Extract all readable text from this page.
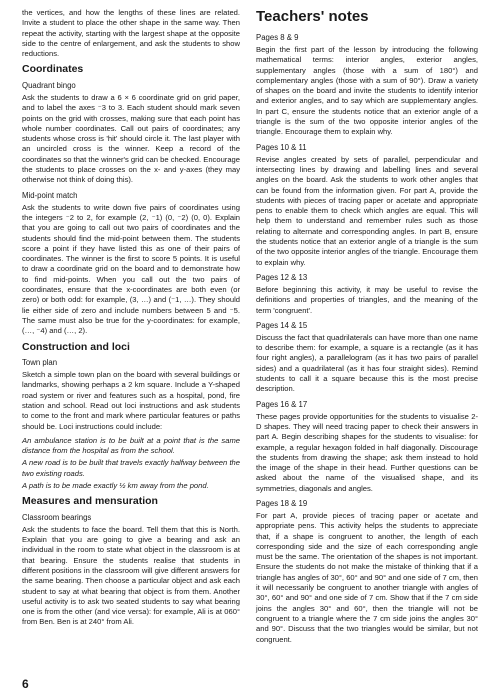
the vertices, and how the lengths of these lines are related. Invite a student to place the other shape in the same way. Then repeat the activity, starting with the largest shape at the opposite side to the centre of enlargement, and ask the students to show reductions.

Coordinates
Quadrant bingo

Ask the students to draw a 6 × 6 coordinate grid on grid paper, and to label the axes ⁻3 to 3. Each student should mark seven points on the grid with crosses, making sure that each point has whole number coordinates. Call out pairs of coordinates; any students whose cross is 'hit' should circle it. The last player with an uncircled cross is the winner. Keep a record of the coordinates so that the winner's grid can be checked. Encourage the students to place crosses on the x- and y-axes (they may otherwise not think of doing this).

Mid-point match

Ask the students to write down five pairs of coordinates using the integers ⁻2 to 2, for example (2, ⁻1) (0, ⁻2) (0, 0). Explain that you are going to call out two pairs of coordinates and the students should find the mid-point between them. The students score a point if they have listed this as one of their pairs of coordinates. The winner is the first to score 5 points. It is useful to draw a coordinate grid on the board and to demonstrate how to find mid-points. When you call out the two pairs of coordinates, ensure that the x-coordinates are both even (or zero) or both odd: for example, (3, …) and (⁻1, …). They should lie either side of zero and include numbers between 5 and ⁻5. The same must also be true for the y-coordinates: for example, (…, ⁻4) and (…, 2).

Construction and loci
Town plan

Sketch a simple town plan on the board with several buildings or landmarks, showing perhaps a 2 km square. Include a Y-shaped road system or river and features such as a hospital, pond, fire station and school. Read out loci instructions and ask students to come to the front and mark where particular features or paths should be. Loci instructions could include:

An ambulance station is to be built at a point that is the same distance from the hospital as from the school.

A new road is to be built that travels exactly halfway between the two existing roads.

A path is to be made exactly ½ km away from the pond.

Measures and mensuration
Classroom bearings

Ask the students to face the board. Tell them that this is North. Explain that you are going to give a bearing and ask an individual in the room to state what object in the classroom is at that bearing. Ensure the students realise that students in different positions in the classroom will give different answers for the same bearing. Then choose a particular object and ask each student to say at what bearing that object is from them. Another useful activity is to ask two seated students to say what bearing one is from the other (and vice versa): for example, Ali is at 060° from Ben. Ben is at 240° from Ali.

Teachers' notes
Pages 8 & 9

Begin the first part of the lesson by introducing the following mathematical terms: interior angles, exterior angles, supplementary angles (those with a sum of 180°) and complementary angles (those with a sum of 90°). Draw a variety of shapes on the board and invite the students to identify interior and exterior angles, and to say which are supplementary angles. In part C, ensure the students notice that an exterior angle of a triangle is the sum of the two opposite interior angles of the triangle. Encourage them to explain why.

Pages 10 & 11

Revise angles created by sets of parallel, perpendicular and intersecting lines by drawing and labelling lines and several angles on the board. Ask the students to work other angles that can be found from the information given. For part A, provide the students with pieces of tracing paper or acetate and appropriate pens to enable them to check which angles are equal. This will help them to understand and remember rules such as those relating to alternate and corresponding angles. In part B, ensure the students notice that an exterior angle of a triangle is the sum of the two opposite interior angles of the triangle. Encourage them to explain why.

Pages 12 & 13

Before beginning this activity, it may be useful to revise the definitions and properties of triangles, and the meaning of the term 'congruent'.

Pages 14 & 15

Discuss the fact that quadrilaterals can have more than one name to describe them: for example, a square is a rectangle (as it has four right angles), a parallelogram (as it has two pairs of parallel sides) and a quadrilateral (as it has four straight sides). Remind students to call it a square because this is the most precise description.

Pages 16 & 17

These pages provide opportunities for the students to visualise 2-D shapes. They will need tracing paper to check their answers in part A. Begin describing shapes for the students to visualise: for example, a regular hexagon folded in half diagonally. Discourage the students from drawing the shape; ask them instead to hold the image of the shape in their head. Further questions can be asked about the name of the visualised shape, and its symmetries, diagonals and angles.

Pages 18 & 19

For part A, provide pieces of tracing paper or acetate and appropriate pens. This activity helps the students to appreciate that, if a shape is congruent to another, the length of each corresponding side and the size of each corresponding angle must be the same. The orientation of the shapes is not important. Ensure the students do not make the mistake of thinking that if a triangle has angles of 30°, 60° and 90° and one side of 7 cm, then it will necessarily be congruent to another triangle with angles of 30°, 60° and 90° and one side of 7 cm. Show that if the 7 cm side joins the angles 30° and 60°, then the triangle will not be congruent to a triangle where the 7 cm side joins the angles 30° and 90°. Discuss that the two triangles would be similar, but not congruent.

6
